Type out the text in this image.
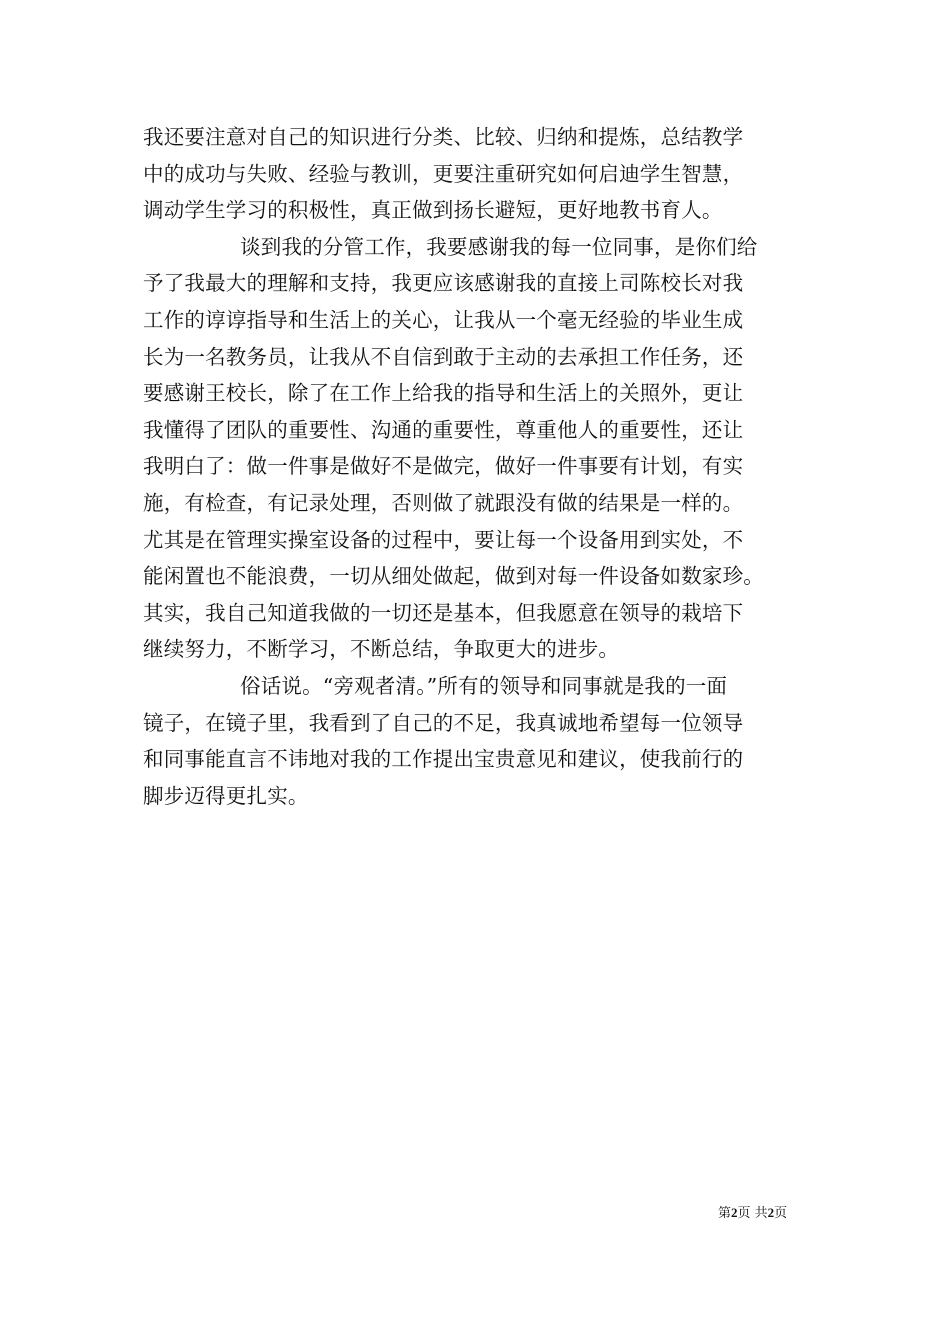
我还要注意对自己的知识进行分类、比较、归纳和提炼，总结教学
中的成功与失败、经验与教训，更要注重研究如何启迪学生智慧，
调动学生学习的积极性，真正做到扬长避短，更好地教书育人。
谈到我的分管工作，我要感谢我的每一位同事，是你们给
予了我最大的理解和支持，我更应该感谢我的直接上司陈校长对我
工作的谆谆指导和生活上的关心，让我从一个毫无经验的毕业生成
长为一名教务员，让我从不自信到敢于主动的去承担工作任务，还
要感谢王校长，除了在工作上给我的指导和生活上的关照外，更让
我懂得了团队的重要性、沟通的重要性，尊重他人的重要性，还让
我明白了：做一件事是做好不是做完，做好一件事要有计划，有实
施，有检查，有记录处理，否则做了就跟没有做的结果是一样的。
尤其是在管理实操室设备的过程中，要让每一个设备用到实处，不
能闲置也不能浪费，一切从细处做起，做到对每一件设备如数家珍。
其实，我自己知道我做的一切还是基本，但我愿意在领导的栽培下
继续努力，不断学习，不断总结，争取更大的进步。
俗话说。“旁观者清。”所有的领导和同事就是我的一面
镜子，在镜子里，我看到了自己的不足，我真诚地希望每一位领导
和同事能直言不讳地对我的工作提出宝贵意见和建议，使我前行的
脚步迈得更扎实。
第2页 共2页
